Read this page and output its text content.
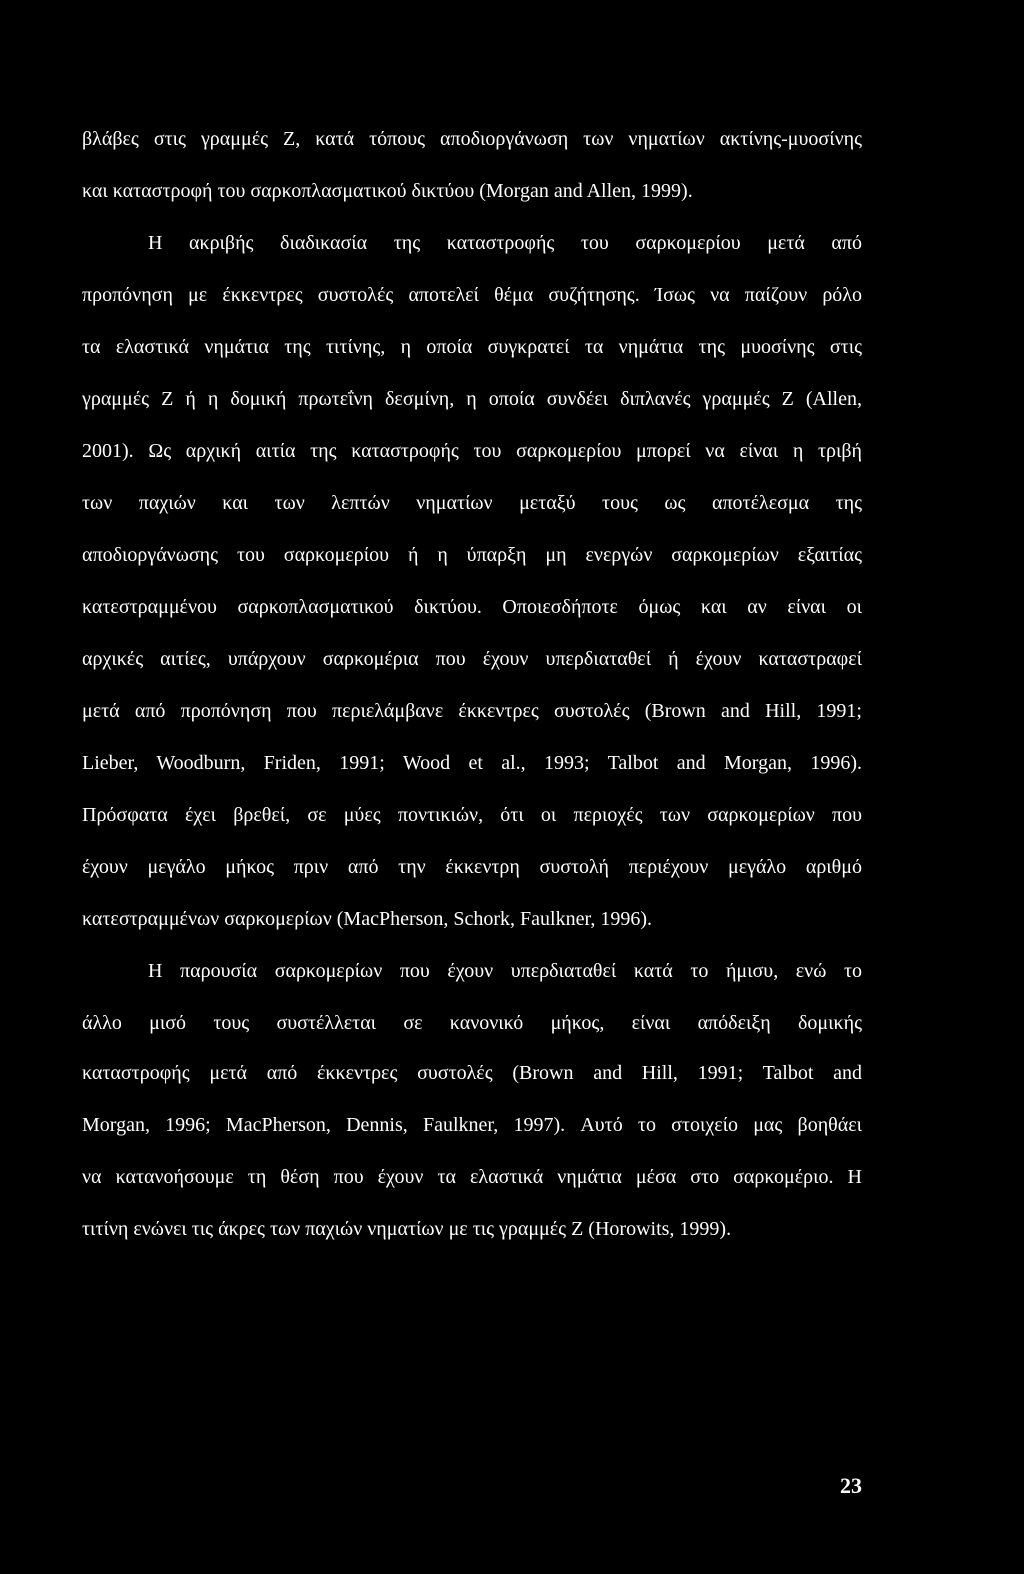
βλάβες στις γραμμές Z, κατά τόπους αποδιοργάνωση των νηματίων ακτίνης-μυοσίνης
και καταστροφή του σαρκοπλασματικού δικτύου (Morgan and Allen, 1999).
Η ακριβής διαδικασία της καταστροφής του σαρκομερίου μετά από
προπόνηση με έκκεντρες συστολές αποτελεί θέμα συζήτησης. Ίσως να παίζουν ρόλο
τα ελαστικά νημάτια της τιτίνης, η οποία συγκρατεί τα νημάτια της μυοσίνης στις
γραμμές Z ή η δομική πρωτεΐνη δεσμίνη, η οποία συνδέει διπλανές γραμμές Z (Allen,
2001). Ως αρχική αιτία της καταστροφής του σαρκομερίου μπορεί να είναι η τριβή
των παχιών και των λεπτών νηματίων μεταξύ τους ως αποτέλεσμα της
αποδιοργάνωσης του σαρκομερίου ή η ύπαρξη μη ενεργών σαρκομερίων εξαιτίας
κατεστραμμένου σαρκοπλασματικού δικτύου. Οποιεσδήποτε όμως και αν είναι οι
αρχικές αιτίες, υπάρχουν σαρκομέρια που έχουν υπερδιαταθεί ή έχουν καταστραφεί
μετά από προπόνηση που περιελάμβανε έκκεντρες συστολές (Brown and Hill, 1991;
Lieber, Woodburn, Friden, 1991; Wood et al., 1993; Talbot and Morgan, 1996).
Πρόσφατα έχει βρεθεί, σε μύες ποντικιών, ότι οι περιοχές των σαρκομερίων που
έχουν μεγάλο μήκος πριν από την έκκεντρη συστολή περιέχουν μεγάλο αριθμό
κατεστραμμένων σαρκομερίων (MacPherson, Schork, Faulkner, 1996).
Η παρουσία σαρκομερίων που έχουν υπερδιαταθεί κατά το ήμισυ, ενώ το
άλλο μισό τους συστέλλεται σε κανονικό μήκος, είναι απόδειξη δομικής
καταστροφής μετά από έκκεντρες συστολές (Brown and Hill, 1991; Talbot and
Morgan, 1996; MacPherson, Dennis, Faulkner, 1997). Αυτό το στοιχείο μας βοηθάει
να κατανοήσουμε τη θέση που έχουν τα ελαστικά νημάτια μέσα στο σαρκομέριο. Η
τιτίνη ενώνει τις άκρες των παχιών νηματίων με τις γραμμές Z (Horowits, 1999).
23
